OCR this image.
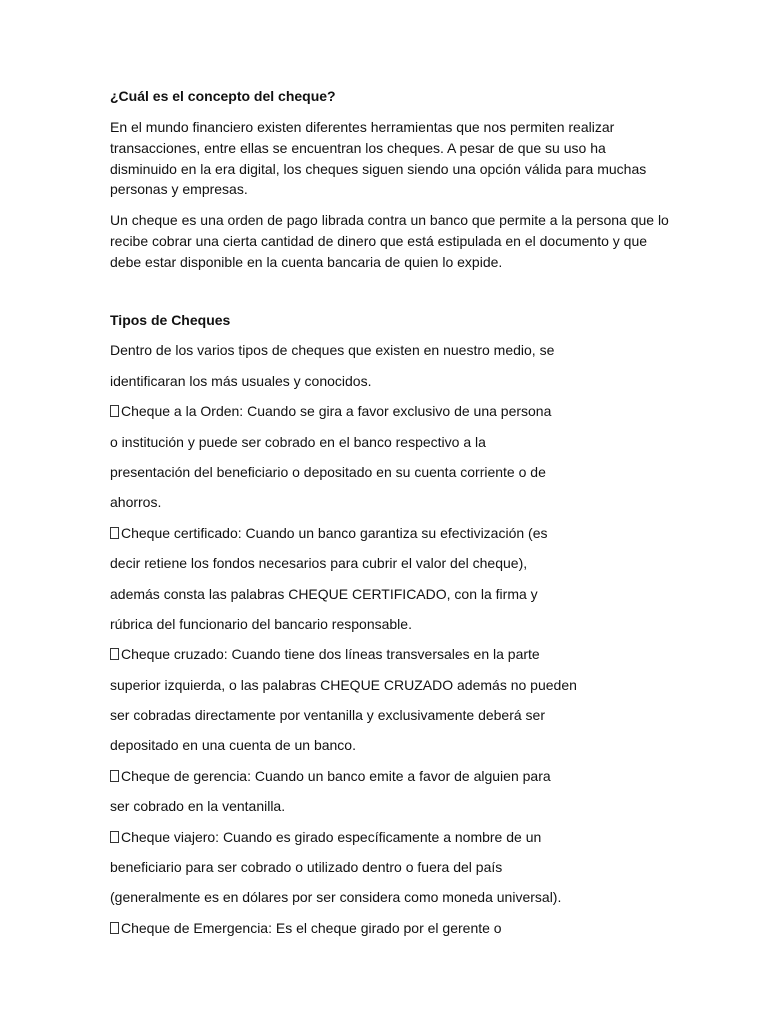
¿Cuál es el concepto del cheque?

En el mundo financiero existen diferentes herramientas que nos permiten realizar transacciones, entre ellas se encuentran los cheques. A pesar de que su uso ha disminuido en la era digital, los cheques siguen siendo una opción válida para muchas personas y empresas.

Un cheque es una orden de pago librada contra un banco que permite a la persona que lo recibe cobrar una cierta cantidad de dinero que está estipulada en el documento y que debe estar disponible en la cuenta bancaria de quien lo expide.

Tipos de Cheques
Dentro de los varios tipos de cheques que existen en nuestro medio, se
identificaran los más usuales y conocidos.
Cheque a la Orden: Cuando se gira a favor exclusivo de una persona
o institución y puede ser cobrado en el banco respectivo a la
presentación del beneficiario o depositado en su cuenta corriente o de
ahorros.
Cheque certificado: Cuando un banco garantiza su efectivización (es
decir retiene los fondos necesarios para cubrir el valor del cheque),
además consta las palabras CHEQUE CERTIFICADO, con la firma y
rúbrica del funcionario del bancario responsable.
Cheque cruzado: Cuando tiene dos líneas transversales en la parte
superior izquierda, o las palabras CHEQUE CRUZADO además no pueden
ser cobradas directamente por ventanilla y exclusivamente deberá ser
depositado en una cuenta de un banco.
Cheque de gerencia: Cuando un banco emite a favor de alguien para
ser cobrado en la ventanilla.
Cheque viajero: Cuando es girado específicamente a nombre de un
beneficiario para ser cobrado o utilizado dentro o fuera del país
(generalmente es en dólares por ser considera como moneda universal).
Cheque de Emergencia: Es el cheque girado por el gerente o
